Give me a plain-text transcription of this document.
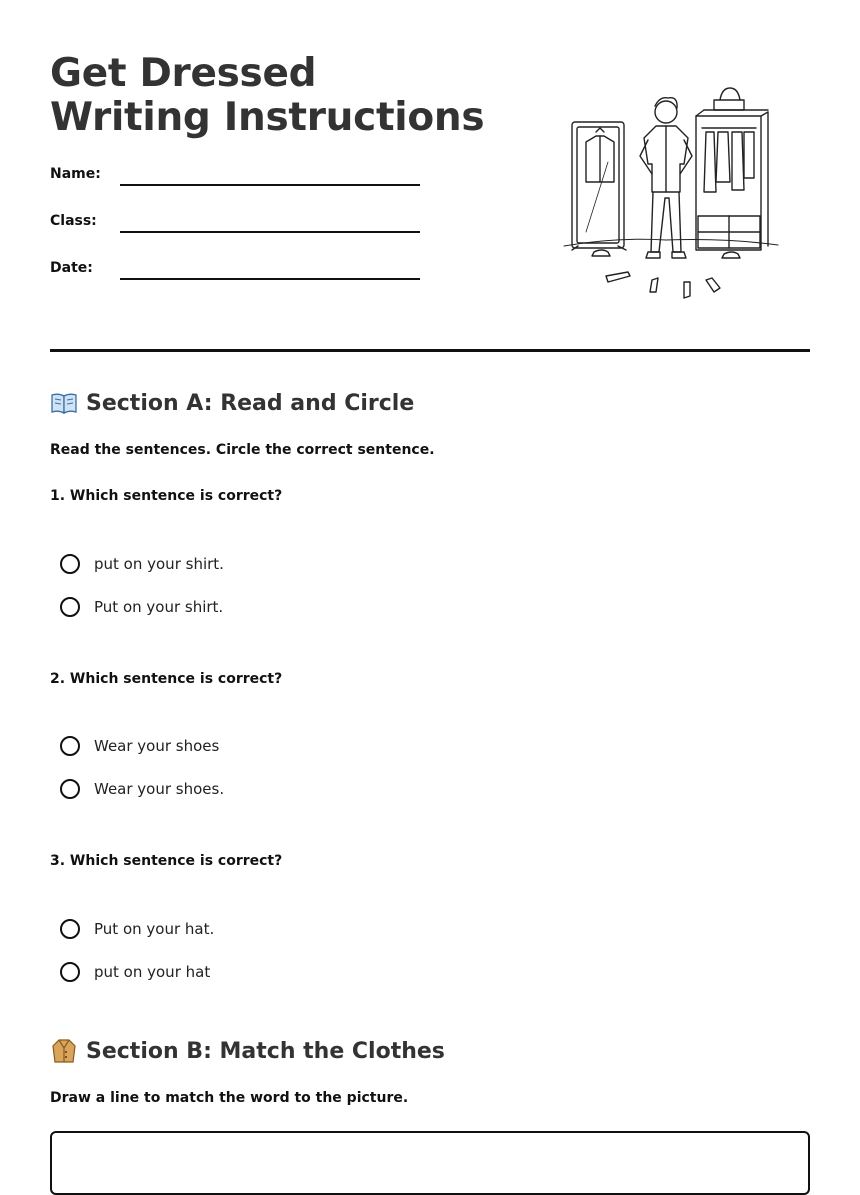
Get Dressed Writing Instructions
Name:
Class:
Date:
Section A: Read and Circle
Read the sentences. Circle the correct sentence.
1. Which sentence is correct?
put on your shirt.
Put on your shirt.
2. Which sentence is correct?
Wear your shoes
Wear your shoes.
3. Which sentence is correct?
Put on your hat.
put on your hat
Section B: Match the Clothes
Draw a line to match the word to the picture.
